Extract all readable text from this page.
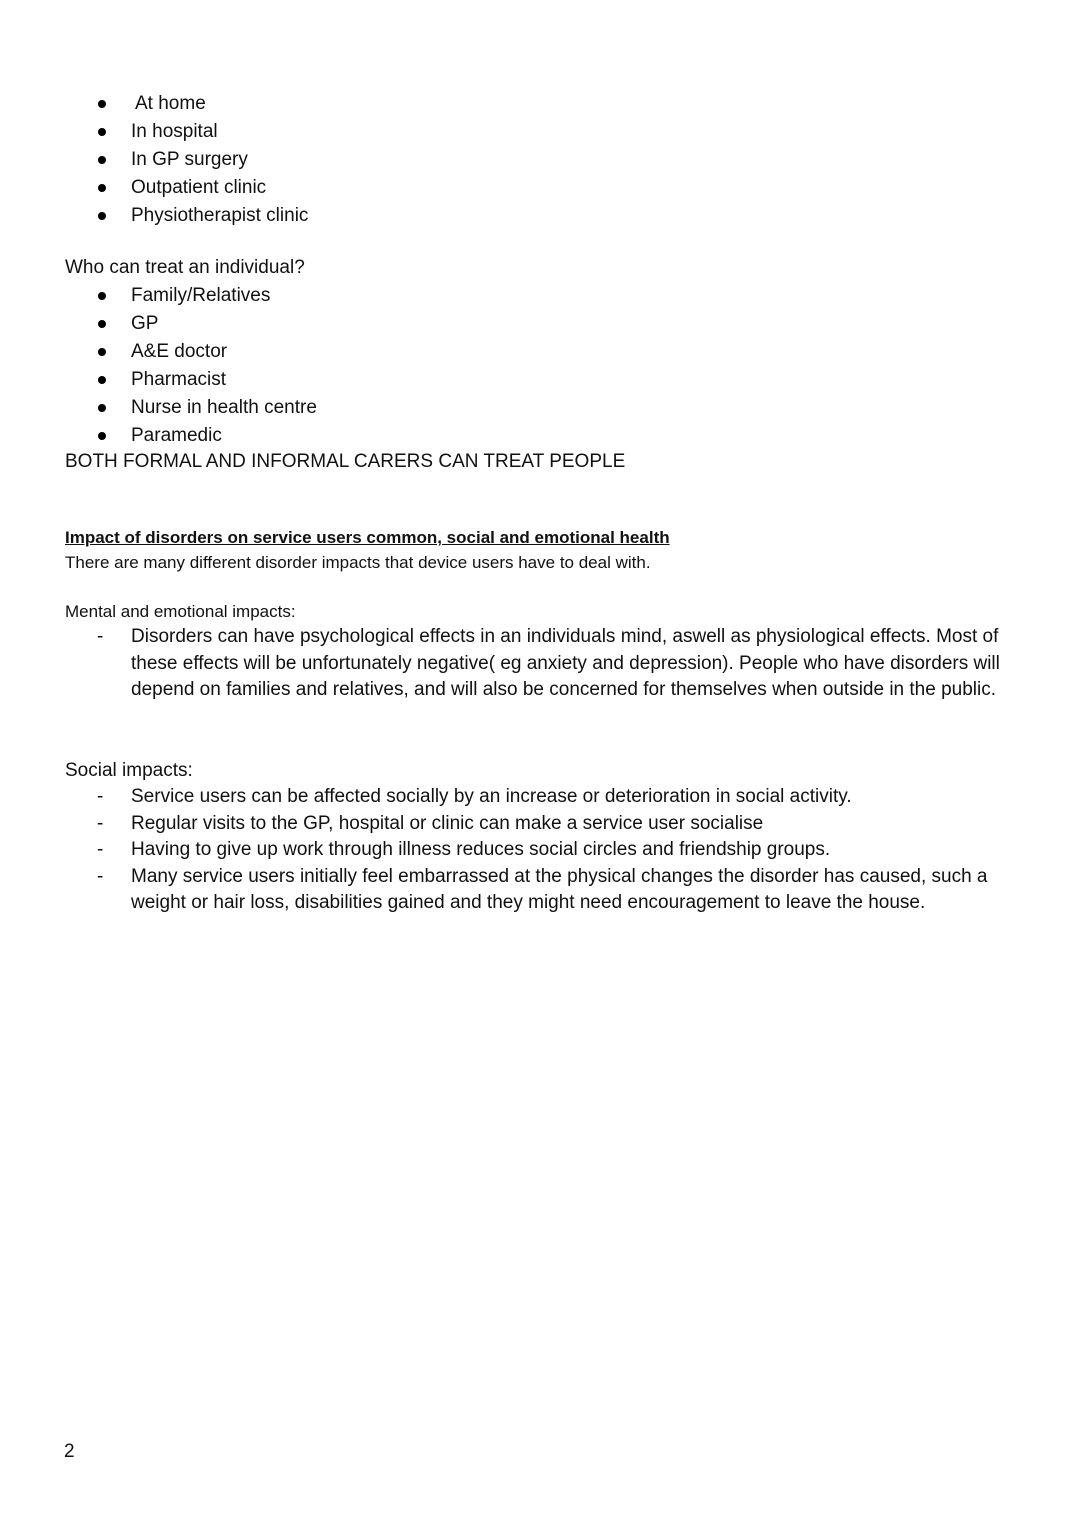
At home
In hospital
In GP surgery
Outpatient clinic
Physiotherapist clinic
Who can treat an individual?
Family/Relatives
GP
A&E doctor
Pharmacist
Nurse in health centre
Paramedic
BOTH FORMAL AND INFORMAL CARERS CAN TREAT PEOPLE
Impact of disorders on service users common, social and emotional health
There are many different disorder impacts that device users have to deal with.
Mental and emotional impacts:
- Disorders can have psychological effects in an individuals mind, aswell as physiological effects. Most of these effects will be unfortunately negative( eg anxiety and depression). People who have disorders will depend on families and relatives, and will also be concerned for themselves when outside in the public.
Social impacts:
- Service users can be affected socially by an increase or deterioration in social activity.
- Regular visits to the GP, hospital or clinic can make a service user socialise
- Having to give up work through illness reduces social circles and friendship groups.
- Many service users initially feel embarrassed at the physical changes the disorder has caused, such a weight or hair loss, disabilities gained and they might need encouragement to leave the house.
2
